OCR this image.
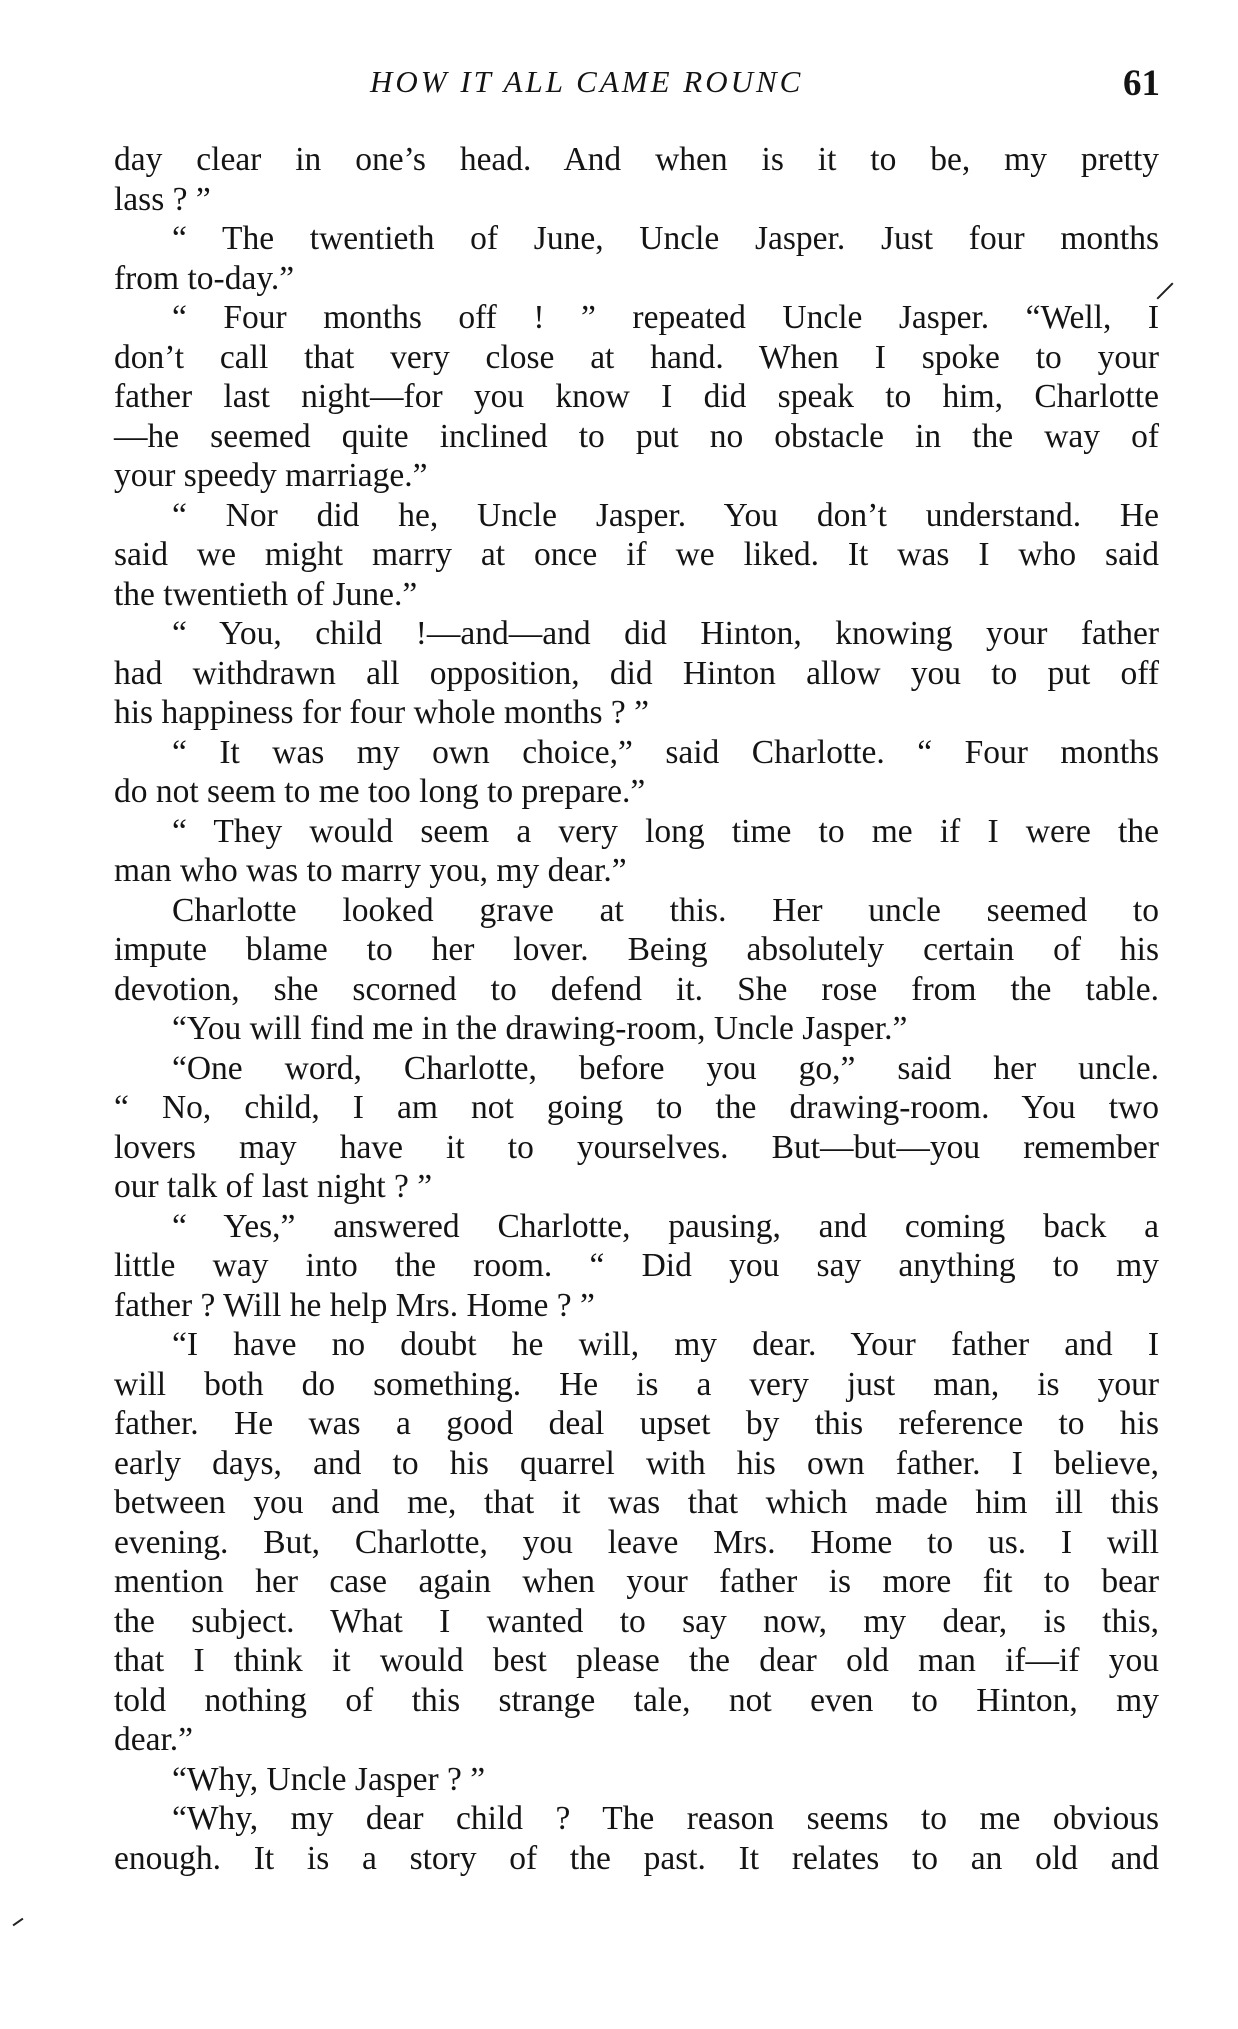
HOW IT ALL CAME ROUNC	61
day clear in one’s head. And when is it to be, my pretty
lass ? ”
“ The twentieth of June, Uncle Jasper. Just four months
from to-day.”
“ Four months off ! ” repeated Uncle Jasper. “Well, I
don’t call that very close at hand. When I spoke to your
father last night—for you know I did speak to him, Charlotte
—he seemed quite inclined to put no obstacle in the way of
your speedy marriage.”
“ Nor did he, Uncle Jasper. You don’t understand. He
said we might marry at once if we liked. It was I who said
the twentieth of June.”
“ You, child !—and—and did Hinton, knowing your father
had withdrawn all opposition, did Hinton allow you to put off
his happiness for four whole months ? ”
“ It was my own choice,” said Charlotte. “ Four months
do not seem to me too long to prepare.”
“ They would seem a very long time to me if I were the
man who was to marry you, my dear.”
Charlotte looked grave at this. Her uncle seemed to
impute blame to her lover. Being absolutely certain of his
devotion, she scorned to defend it. She rose from the table.
“You will find me in the drawing-room, Uncle Jasper.”
“One word, Charlotte, before you go,” said her uncle.
“ No, child, I am not going to the drawing-room. You two
lovers may have it to yourselves. But—but—you remember
our talk of last night ? ”
“ Yes,” answered Charlotte, pausing, and coming back a
little way into the room. “ Did you say anything to my
father ? Will he help Mrs. Home ? ”
“I have no doubt he will, my dear. Your father and I
will both do something. He is a very just man, is your
father. He was a good deal upset by this reference to his
early days, and to his quarrel with his own father. I believe,
between you and me, that it was that which made him ill this
evening. But, Charlotte, you leave Mrs. Home to us. I will
mention her case again when your father is more fit to bear
the subject. What I wanted to say now, my dear, is this,
that I think it would best please the dear old man if—if you
told nothing of this strange tale, not even to Hinton, my
dear.”
“Why, Uncle Jasper ? ”
“Why, my dear child ? The reason seems to me obvious
enough. It is a story of the past. It relates to an old and
